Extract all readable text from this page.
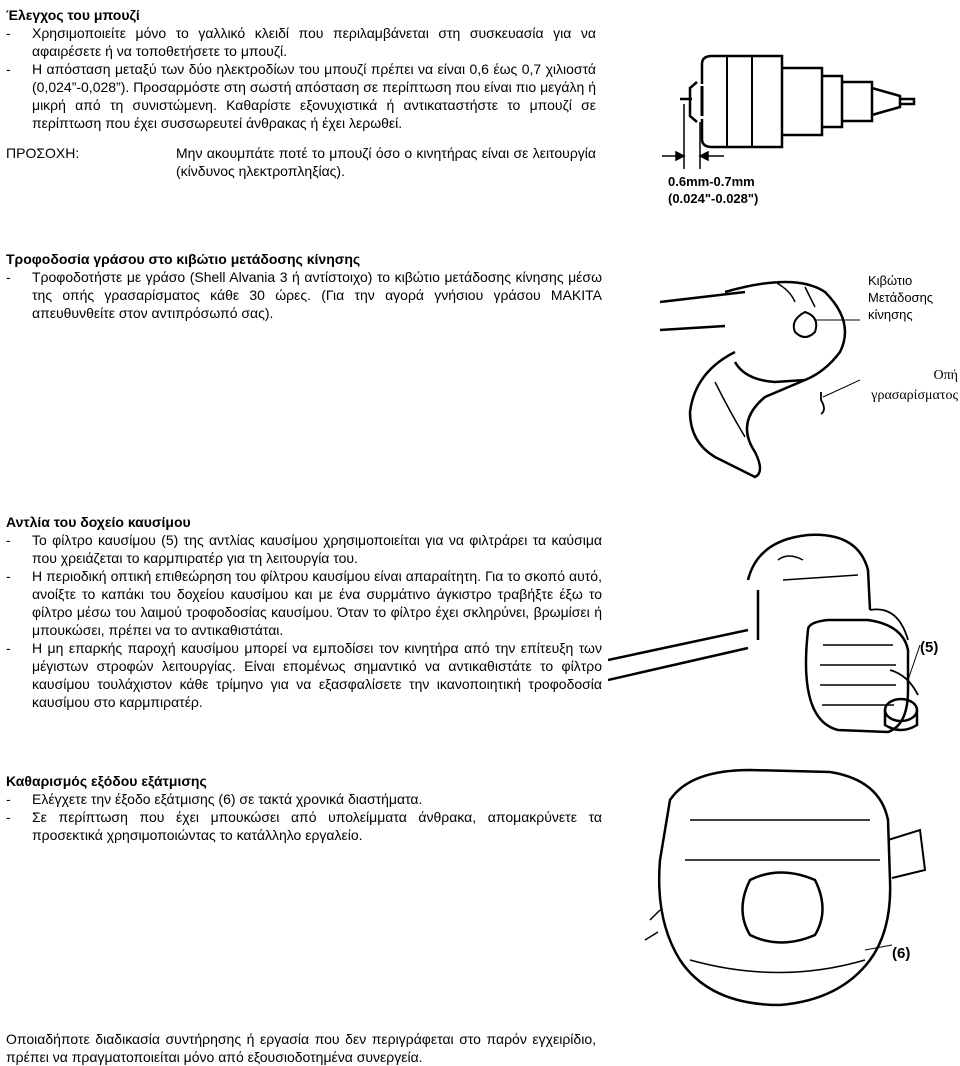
Έλεγχος του μπουζί
-	Χρησιμοποιείτε μόνο το γαλλικό κλειδί που περιλαμβάνεται στη συσκευασία για να αφαιρέσετε ή να τοποθετήσετε το μπουζί.
-	Η απόσταση μεταξύ των δύο ηλεκτροδίων του μπουζί πρέπει να είναι 0,6 έως 0,7 χιλιοστά (0,024”-0,028”). Προσαρμόστε στη σωστή απόσταση σε περίπτωση που είναι πιο μεγάλη ή μικρή από τη συνιστώμενη. Καθαρίστε εξονυχιστικά ή αντικαταστήστε το μπουζί σε περίπτωση που έχει συσσωρευτεί άνθρακας ή έχει λερωθεί.
ΠΡΟΣΟΧΗ:	Μην ακουμπάτε ποτέ το μπουζί όσο ο κινητήρας είναι σε λειτουργία (κίνδυνος ηλεκτροπληξίας).
0.6mm-0.7mm
(0.024"-0.028")
Τροφοδοσία γράσου στο κιβώτιο μετάδοσης κίνησης
-	Τροφοδοτήστε με γράσο (Shell Alvania 3 ή αντίστοιχο) το κιβώτιο μετάδοσης κίνησης μέσω της οπής γρασαρίσματος κάθε 30 ώρες. (Για την αγορά γνήσιου γράσου MAKITA απευθυνθείτε στον αντιπρόσωπό σας).
Κιβώτιο Μετάδοσης κίνησης
Οπή γρασαρίσματος
Αντλία του δοχείο καυσίμου
-	Το φίλτρο καυσίμου (5) της αντλίας καυσίμου χρησιμοποιείται για να φιλτράρει τα καύσιμα που χρειάζεται το καρμπιρατέρ για τη λειτουργία του.
-	Η περιοδική οπτική επιθεώρηση του φίλτρου καυσίμου είναι απαραίτητη. Για το σκοπό αυτό, ανοίξτε το καπάκι του δοχείου καυσίμου και με ένα συρμάτινο άγκιστρο τραβήξτε έξω το φίλτρο μέσω του λαιμού τροφοδοσίας καυσίμου. Όταν το φίλτρο έχει σκληρύνει, βρωμίσει ή μπουκώσει, πρέπει να το αντικαθιστάται.
-	Η μη επαρκής παροχή καυσίμου μπορεί να εμποδίσει τον κινητήρα από την επίτευξη των μέγιστων στροφών λειτουργίας. Είναι επομένως σημαντικό να αντικαθιστάτε το φίλτρο καυσίμου τουλάχιστον κάθε τρίμηνο για να εξασφαλίσετε την ικανοποιητική τροφοδοσία καυσίμου στο καρμπιρατέρ.
(5)
Καθαρισμός εξόδου εξάτμισης
-	Ελέγχετε την έξοδο εξάτμισης (6) σε τακτά χρονικά διαστήματα.
-	Σε περίπτωση που έχει μπουκώσει από υπολείμματα άνθρακα, απομακρύνετε τα προσεκτικά χρησιμοποιώντας το κατάλληλο εργαλείο.
(6)
Οποιαδήποτε διαδικασία συντήρησης ή εργασία που δεν περιγράφεται στο παρόν εγχειρίδιο, πρέπει να πραγματοποιείται μόνο από εξουσιοδοτημένα συνεργεία.
